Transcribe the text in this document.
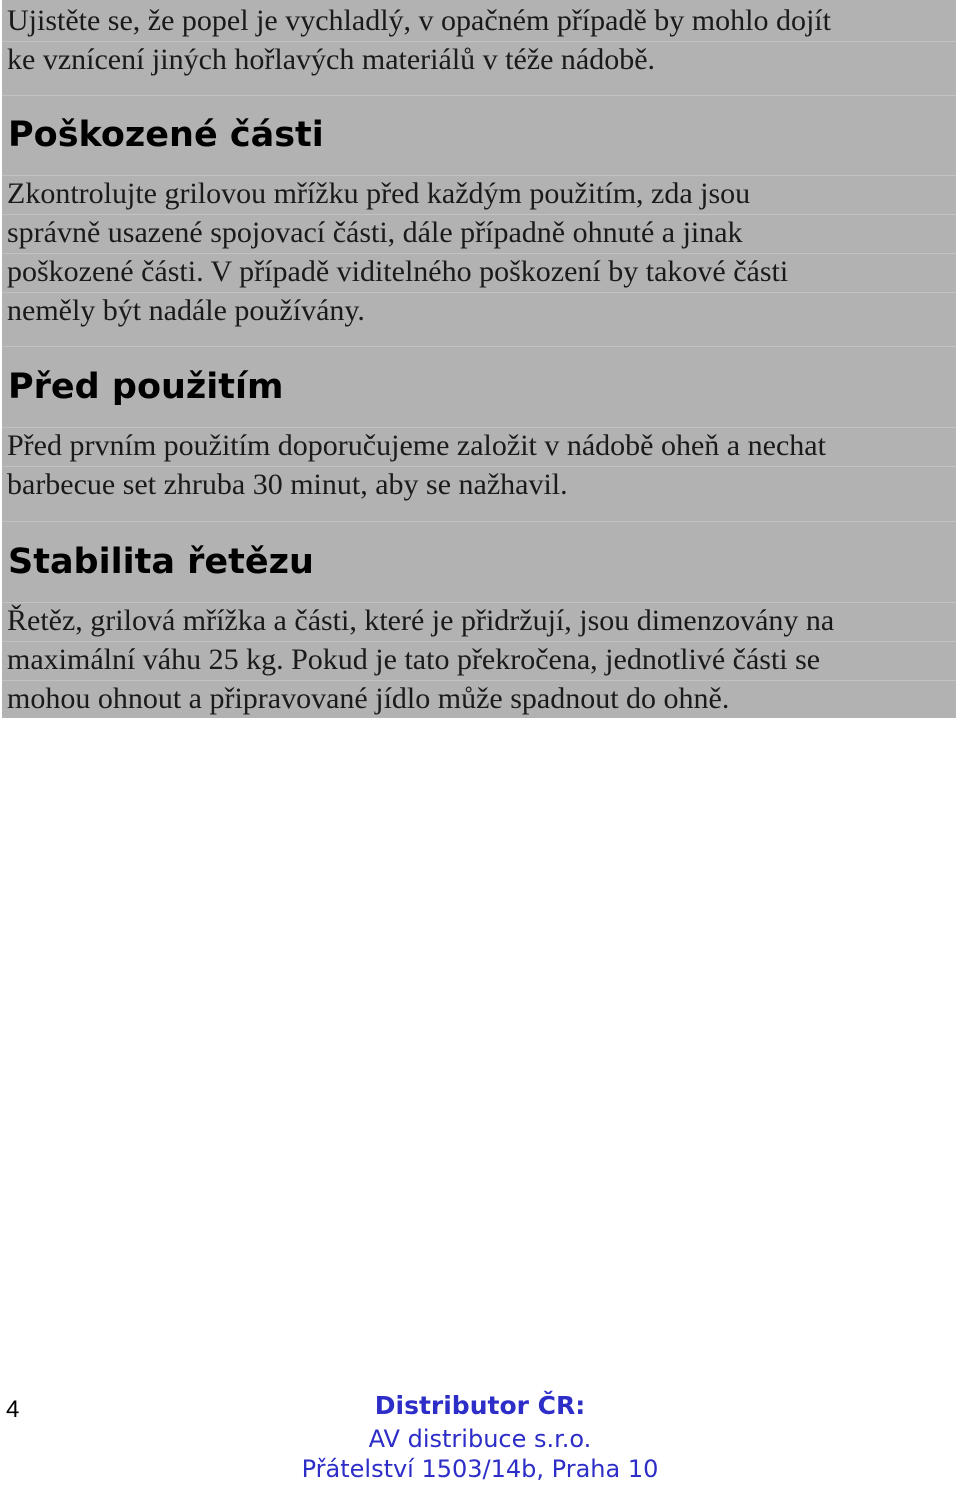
Ujistěte se, že popel je vychladlý, v opačném případě by mohlo dojít
ke vznícení jiných hořlavých materiálů v téže nádobě.
Poškozené části
Zkontrolujte grilovou mřížku před každým použitím, zda jsou
správně usazené spojovací části, dále případně ohnuté a jinak
poškozené části. V případě viditelného poškození by takové části
neměly být nadále používány.
Před použitím
Před prvním použitím doporučujeme založit v nádobě oheň a nechat
barbecue set zhruba 30 minut, aby se nažhavil.
Stabilita řetězu
Řetěz, grilová mřížka a části, které je přidržují, jsou dimenzovány na
maximální váhu 25 kg. Pokud je tato překročena, jednotlivé části se
mohou ohnout a připravované jídlo může spadnout do ohně.
4	Distributor ČR:
AV distribuce s.r.o.
Přátelství 1503/14b, Praha 10
